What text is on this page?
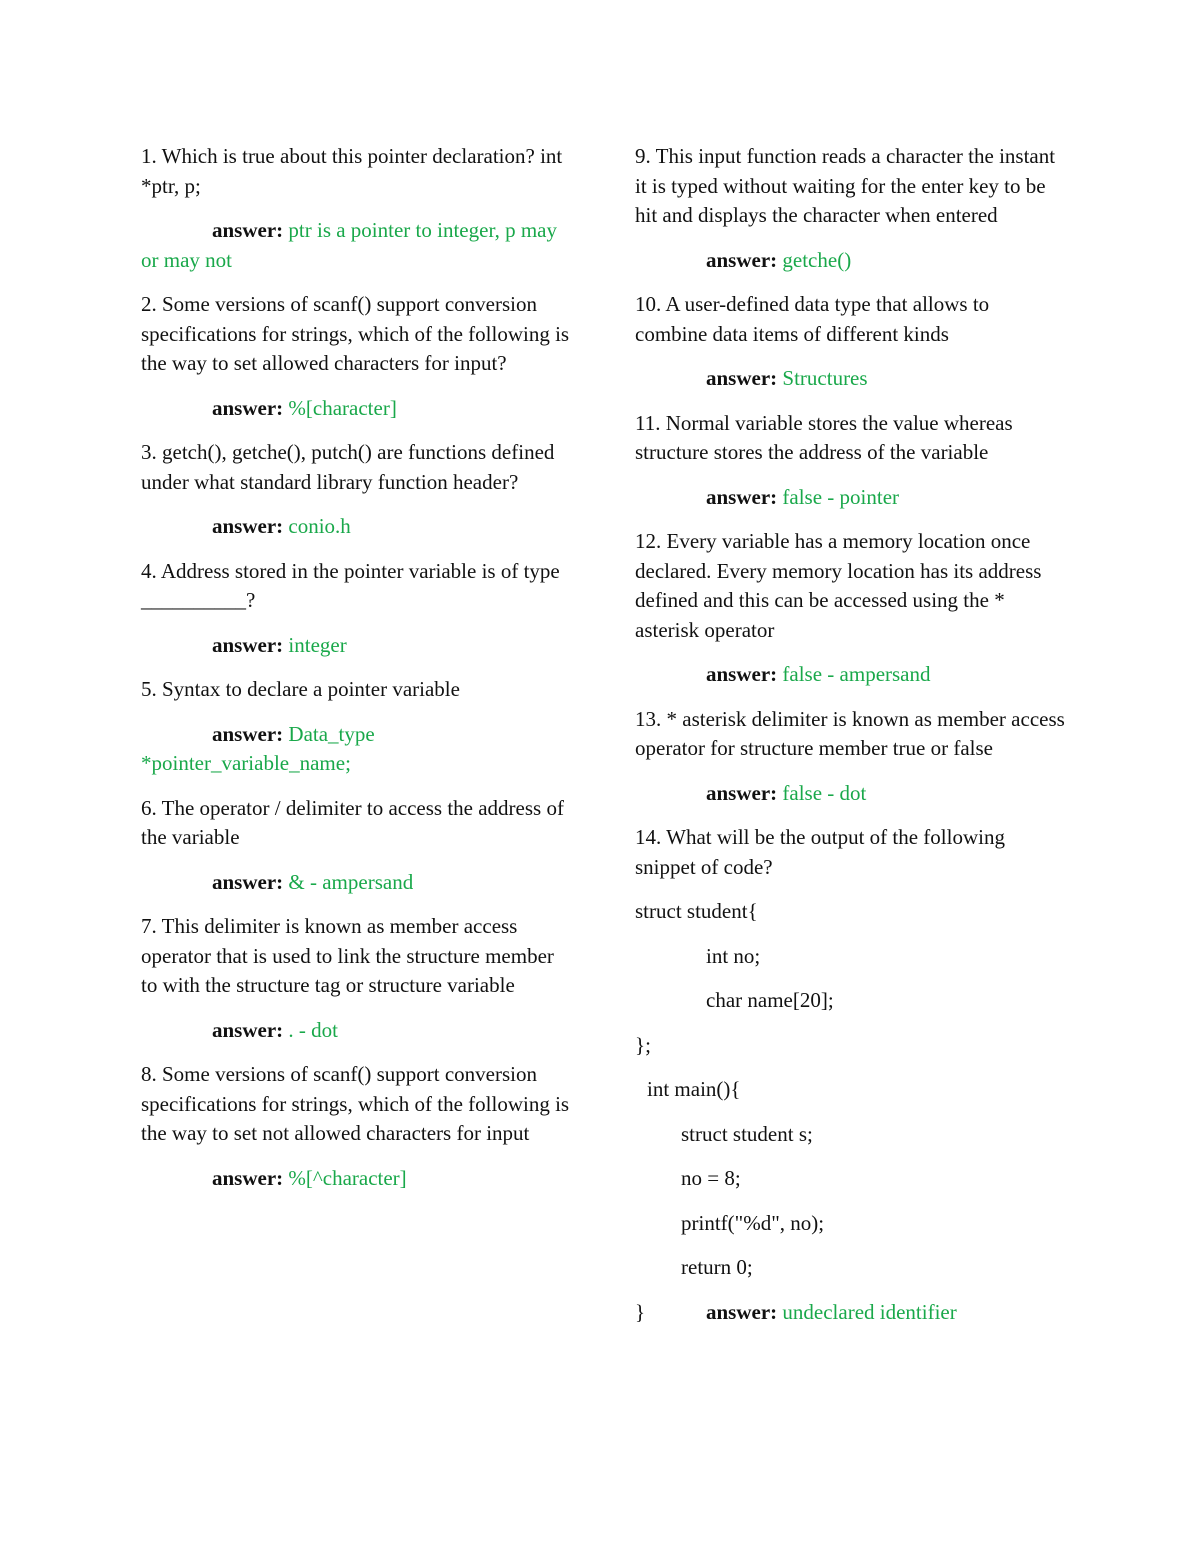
1. Which is true about this pointer declaration? int *ptr, p;

answer: ptr is a pointer to integer, p may or may not

2. Some versions of scanf() support conversion specifications for strings, which of the following is the way to set allowed characters for input?

answer: %[character]

3. getch(), getche(), putch() are functions defined under what standard library function header?

answer: conio.h

4. Address stored in the pointer variable is of type __________?

answer: integer

5. Syntax to declare a pointer variable

answer: Data_type *pointer_variable_name;

6. The operator / delimiter to access the address of the variable

answer: & - ampersand

7. This delimiter is known as member access operator that is used to link the structure member to with the structure tag or structure variable

answer: . - dot

8. Some versions of scanf() support conversion specifications for strings, which of the following is the way to set not allowed characters for input

answer: %[^character]

9. This input function reads a character the instant it is typed without waiting for the enter key to be hit and displays the character when entered

answer: getche()

10. A user-defined data type that allows to combine data items of different kinds

answer: Structures

11. Normal variable stores the value whereas structure stores the address of the variable

answer: false - pointer

12. Every variable has a memory location once declared. Every memory location has its address defined and this can be accessed using the * asterisk operator

answer: false - ampersand

13. * asterisk delimiter is known as member access operator for structure member true or false

answer: false - dot

14. What will be the output of the following snippet of code?

struct student{

int no;

char name[20];

};

int main(){

struct student s;

no = 8;

printf("%d", no);

return 0;

}	answer: undeclared identifier
